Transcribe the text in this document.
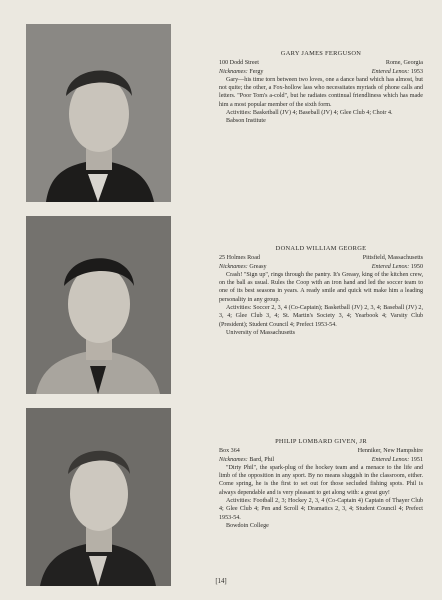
GARY JAMES FERGUSON
100 Dodd Street	Rome, Georgia
Nicknames: Fergy	Entered Lenox: 1953
Gary—his time torn between two loves, one a dance band which has almost, but not quite; the other, a Fox-hollow lass who necessitates myriads of phone calls and letters. "Poor Tom's a-cold", but he radiates continual friendliness which has made him a most popular member of the sixth form.
Activities: Basketball (JV) 4; Baseball (JV) 4; Glee Club 4; Choir 4.
Babson Institute
DONALD WILLIAM GEORGE
25 Holmes Road	Pittsfield, Massachusetts
Nicknames: Greasy	Entered Lenox: 1950
Crash! "Sign up", rings through the pantry. It's Greasy, king of the kitchen crew, on the ball as usual. Rules the Coop with an iron hand and led the soccer team to one of its best seasons in years. A ready smile and quick wit make him a leading personality in any group.
Activities: Soccer 2, 3, 4 (Co-Captain); Basketball (JV) 2, 3, 4; Baseball (JV) 2, 3, 4; Glee Club 3, 4; St. Martin's Society 3, 4; Yearbook 4; Varsity Club (President); Student Council 4; Prefect 1953-54.
University of Massachusetts
PHILIP LOMBARD GIVEN, JR
Box 364	Henniker, New Hampshire
Nicknames: Bard, Phil	Entered Lenox: 1951
"Dirty Phil", the spark-plug of the hockey team and a menace to the life and limb of the opposition in any sport. By no means sluggish in the classroom, either. Come spring, he is the first to set out for those secluded fishing spots. Phil is always dependable and is very pleasant to get along with: a great guy!
Activities: Football 2, 3; Hockey 2, 3, 4 (Co-Captain 4) Captain of Thayer Club 4; Glee Club 4; Pen and Scroll 4; Dramatics 2, 3, 4; Student Council 4; Prefect 1953-54.
Bowdoin College
[14]
